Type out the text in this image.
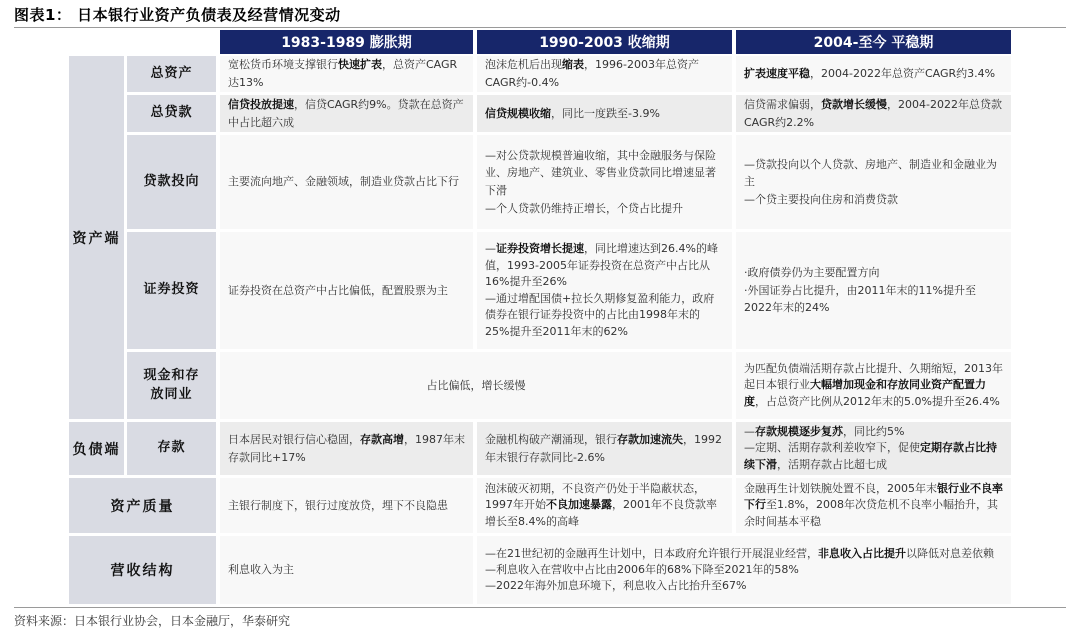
图表1： 日本银行业资产负债表及经营情况变动
1983-1989 膨胀期	1990-2003 收缩期	2004-至今 平稳期
资产端
负债端
资产质量
营收结构
总资产
总贷款
贷款投向
证券投资
现金和存放同业
存款
宽松货币环境支撑银行快速扩表，总资产CAGR达13%
泡沫危机后出现缩表，1996-2003年总资产CAGR约-0.4%
扩表速度平稳，2004-2022年总资产CAGR约3.4%
信贷投放提速，信贷CAGR约9%。贷款在总资产中占比超六成
信贷规模收缩，同比一度跌至-3.9%
信贷需求偏弱，贷款增长缓慢，2004-2022年总贷款CAGR约2.2%
主要流向地产、金融领域，制造业贷款占比下行
—对公贷款规模普遍收缩，其中金融服务与保险业、房地产、建筑业、零售业贷款同比增速显著下滑
—个人贷款仍维持正增长，个贷占比提升
—贷款投向以个人贷款、房地产、制造业和金融业为主
—个贷主要投向住房和消费贷款
证券投资在总资产中占比偏低，配置股票为主
—证券投资增长提速，同比增速达到26.4%的峰值，1993-2005年证券投资在总资产中占比从16%提升至26%
—通过增配国债+拉长久期修复盈利能力，政府债券在银行证券投资中的占比由1998年末的25%提升至2011年末的62%
·政府债券仍为主要配置方向
·外国证券占比提升，由2011年末的11%提升至2022年末的24%
占比偏低，增长缓慢
为匹配负债端活期存款占比提升、久期缩短，2013年起日本银行业大幅增加现金和存放同业资产配置力度，占总资产比例从2012年末的5.0%提升至26.4%
日本居民对银行信心稳固，存款高增，1987年末存款同比+17%
金融机构破产潮涌现，银行存款加速流失，1992年末银行存款同比-2.6%
—存款规模逐步复苏，同比约5%
—定期、活期存款利差收窄下，促使定期存款占比持续下滑，活期存款占比超七成
主银行制度下，银行过度放贷，埋下不良隐患
泡沫破灭初期，不良资产仍处于半隐蔽状态，1997年开始不良加速暴露，2001年不良贷款率增长至8.4%的高峰
金融再生计划铁腕处置不良，2005年末银行业不良率下行至1.8%，2008年次贷危机不良率小幅抬升，其余时间基本平稳
利息收入为主
—在21世纪初的金融再生计划中，日本政府允许银行开展混业经营，非息收入占比提升以降低对息差依赖
—利息收入在营收中占比由2006年的68%下降至2021年的58%
—2022年海外加息环境下，利息收入占比抬升至67%
资料来源：日本银行业协会，日本金融厅，华泰研究
